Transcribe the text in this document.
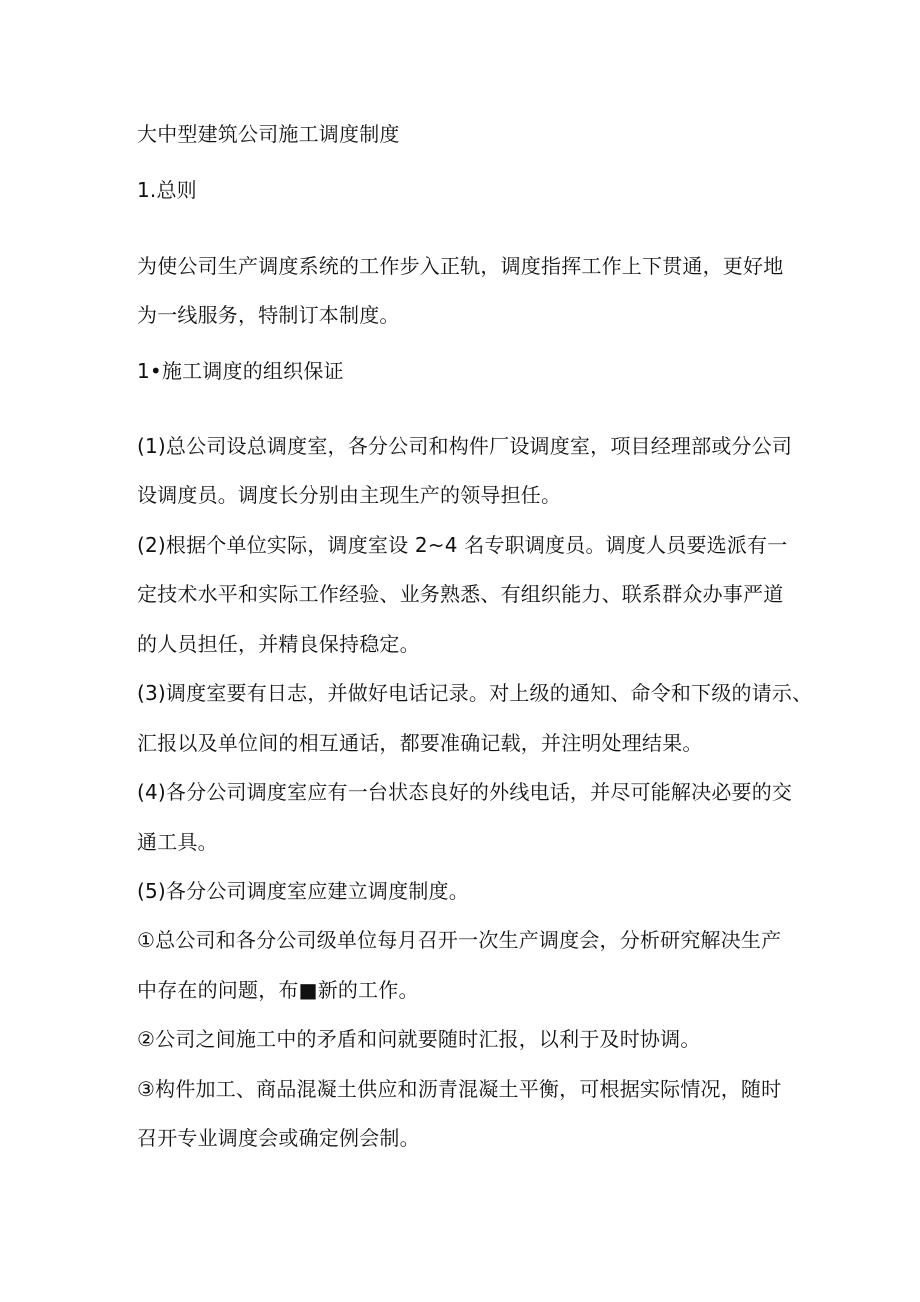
大中型建筑公司施工调度制度
1.总则
为使公司生产调度系统的工作步入正轨，调度指挥工作上下贯通，更好地
为一线服务，特制订本制度。
1•施工调度的组织保证
(1)总公司设总调度室，各分公司和构件厂设调度室，项目经理部或分公司
设调度员。调度长分别由主现生产的领导担任。
(2)根据个单位实际，调度室设 2~4 名专职调度员。调度人员要选派有一
定技术水平和实际工作经验、业务熟悉、有组织能力、联系群众办事严道
的人员担任，并精良保持稳定。
(3)调度室要有日志，并做好电话记录。对上级的通知、命令和下级的请示、
汇报以及单位间的相互通话，都要准确记载，并注明处理结果。
(4)各分公司调度室应有一台状态良好的外线电话，并尽可能解决必要的交
通工具。
(5)各分公司调度室应建立调度制度。
①总公司和各分公司级单位每月召开一次生产调度会，分析研究解决生产
中存在的问题，布■新的工作。
②公司之间施工中的矛盾和问就要随时汇报，以利于及时协调。
③构件加工、商品混凝土供应和沥青混凝土平衡，可根据实际情况，随时
召开专业调度会或确定例会制。
